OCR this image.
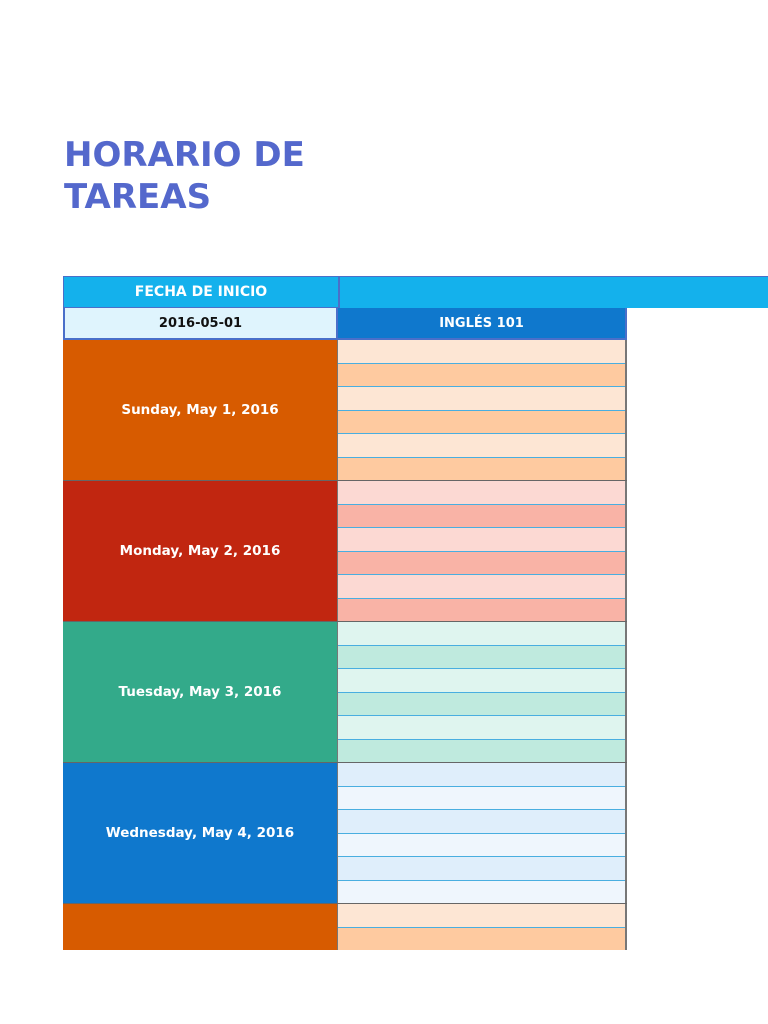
HORARIO DE TAREAS
FECHA DE INICIO
2016-05-01	INGLÉS 101
Sunday, May 1, 2016
Monday, May 2, 2016
Tuesday, May 3, 2016
Wednesday, May 4, 2016
